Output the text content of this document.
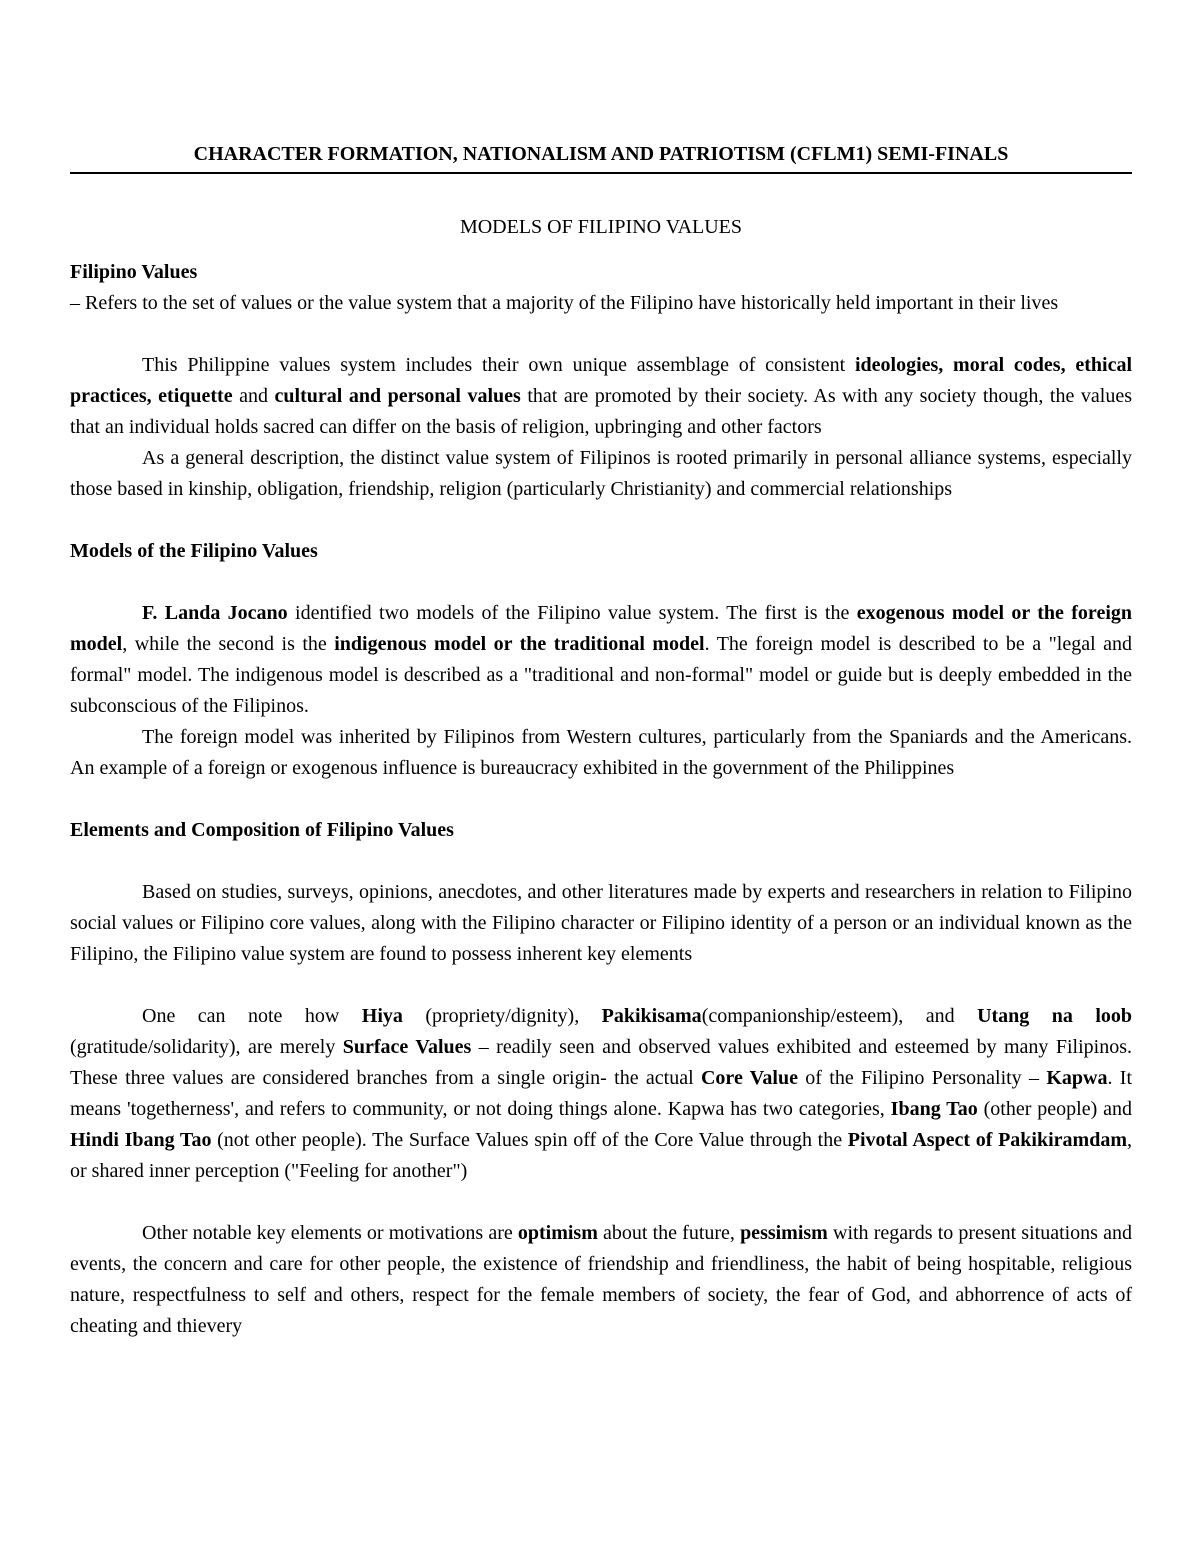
CHARACTER FORMATION, NATIONALISM AND PATRIOTISM (CFLM1) SEMI-FINALS
MODELS OF FILIPINO VALUES
Filipino Values

– Refers to the set of values or the value system that a majority of the Filipino have historically held important in their lives

This Philippine values system includes their own unique assemblage of consistent ideologies, moral codes, ethical practices, etiquette and cultural and personal values that are promoted by their society. As with any society though, the values that an individual holds sacred can differ on the basis of religion, upbringing and other factors

As a general description, the distinct value system of Filipinos is rooted primarily in personal alliance systems, especially those based in kinship, obligation, friendship, religion (particularly Christianity) and commercial relationships

Models of the Filipino Values

F. Landa Jocano identified two models of the Filipino value system. The first is the exogenous model or the foreign model, while the second is the indigenous model or the traditional model. The foreign model is described to be a "legal and formal" model. The indigenous model is described as a "traditional and non-formal" model or guide but is deeply embedded in the subconscious of the Filipinos.

The foreign model was inherited by Filipinos from Western cultures, particularly from the Spaniards and the Americans. An example of a foreign or exogenous influence is bureaucracy exhibited in the government of the Philippines

Elements and Composition of Filipino Values

Based on studies, surveys, opinions, anecdotes, and other literatures made by experts and researchers in relation to Filipino social values or Filipino core values, along with the Filipino character or Filipino identity of a person or an individual known as the Filipino, the Filipino value system are found to possess inherent key elements

One can note how Hiya (propriety/dignity), Pakikisama(companionship/esteem), and Utang na loob (gratitude/solidarity), are merely Surface Values – readily seen and observed values exhibited and esteemed by many Filipinos. These three values are considered branches from a single origin- the actual Core Value of the Filipino Personality – Kapwa. It means 'togetherness', and refers to community, or not doing things alone. Kapwa has two categories, Ibang Tao (other people) and Hindi Ibang Tao (not other people). The Surface Values spin off of the Core Value through the Pivotal Aspect of Pakikiramdam, or shared inner perception ("Feeling for another")

Other notable key elements or motivations are optimism about the future, pessimism with regards to present situations and events, the concern and care for other people, the existence of friendship and friendliness, the habit of being hospitable, religious nature, respectfulness to self and others, respect for the female members of society, the fear of God, and abhorrence of acts of cheating and thievery
